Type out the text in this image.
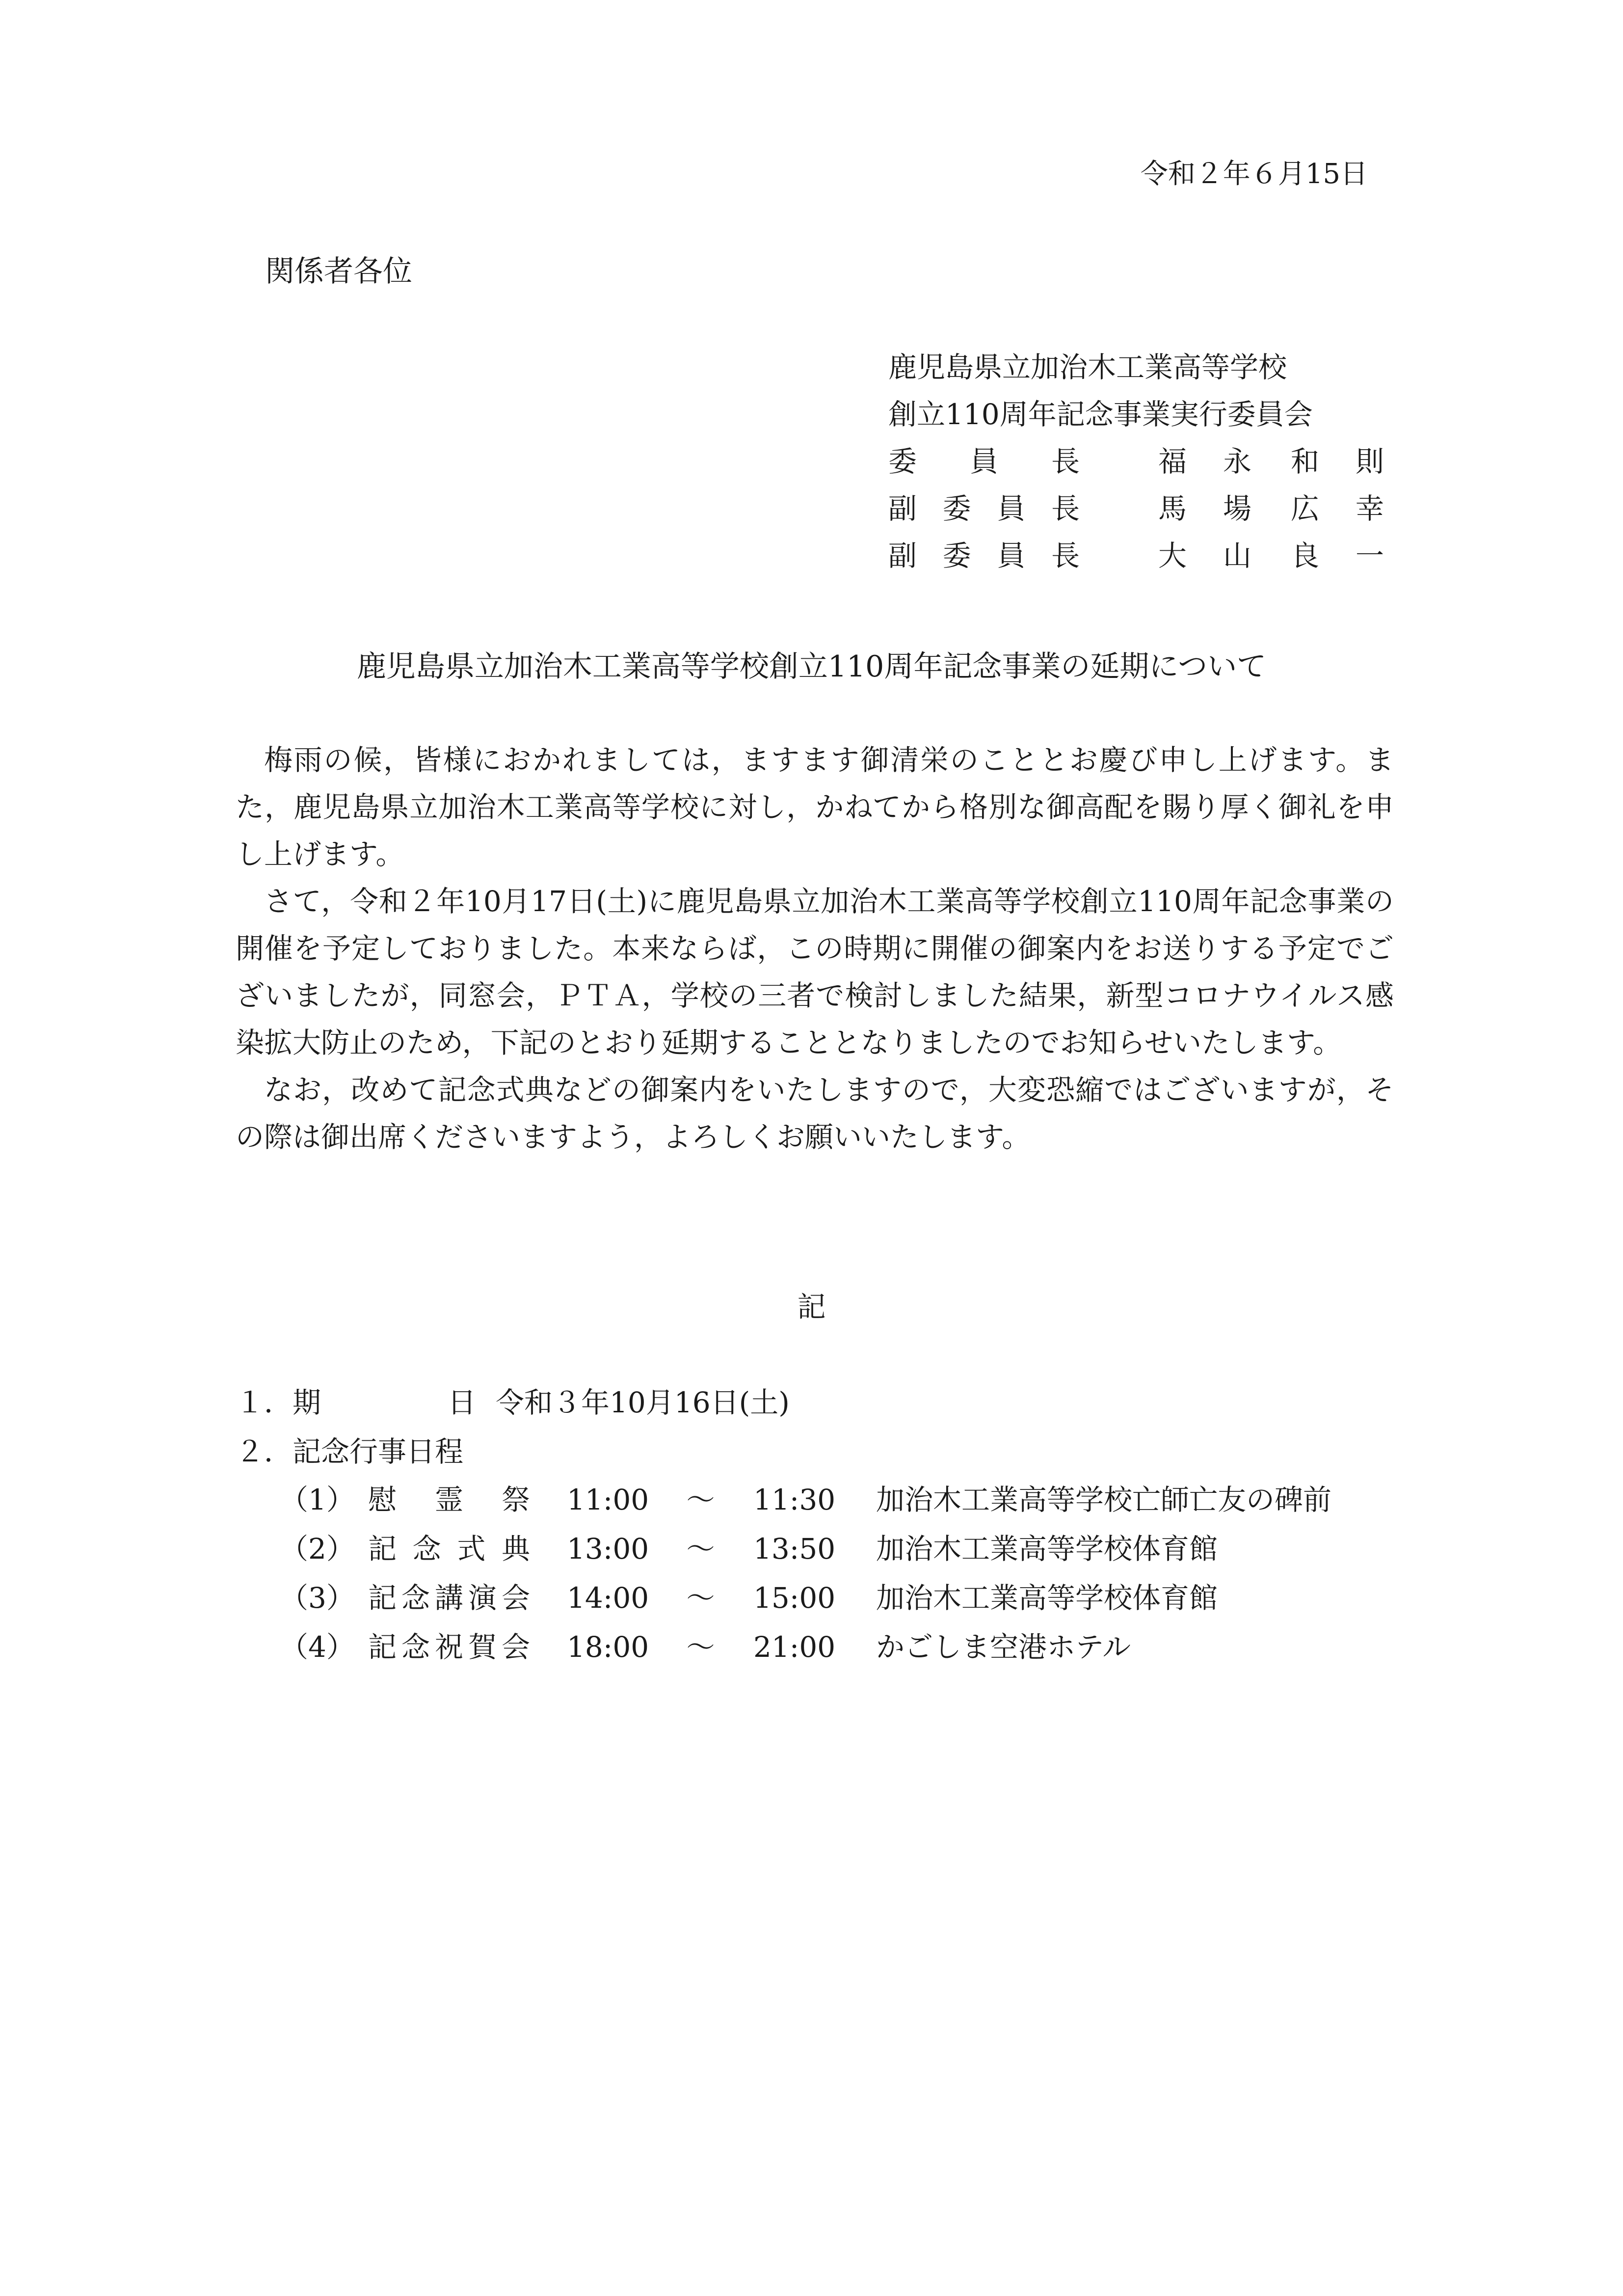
令和２年６月15日
関係者各位
鹿児島県立加治木工業高等学校
創立110周年記念事業実行委員会
委 員 長	福 永 和 則
副 委 員 長	馬 場 広 幸
副 委 員 長	大 山 良 一
鹿児島県立加治木工業高等学校創立110周年記念事業の延期について

梅雨の候，皆様におかれましては，ますます御清栄のこととお慶び申し上げます。また，鹿児島県立加治木工業高等学校に対し，かねてから格別な御高配を賜り厚く御礼を申し上げます。

さて，令和２年10月17日(土)に鹿児島県立加治木工業高等学校創立110周年記念事業の開催を予定しておりました。本来ならば，この時期に開催の御案内をお送りする予定でございましたが，同窓会，ＰＴＡ，学校の三者で検討しました結果，新型コロナウイルス感染拡大防止のため，下記のとおり延期することとなりましたのでお知らせいたします。

なお，改めて記念式典などの御案内をいたしますので，大変恐縮ではございますが，その際は御出席くださいますよう，よろしくお願いいたします。

記
１．期	日 令和３年10月16日(土)
２．記念行事日程
（1） 慰 霊 祭 11:00	～	11:30	加治木工業高等学校亡師亡友の碑前
（2） 記 念 式 典 13:00	～	13:50	加治木工業高等学校体育館
（3） 記 念 講 演 会 14:00	～	15:00	加治木工業高等学校体育館
（4） 記 念 祝 賀 会 18:00	～	21:00	かごしま空港ホテル
